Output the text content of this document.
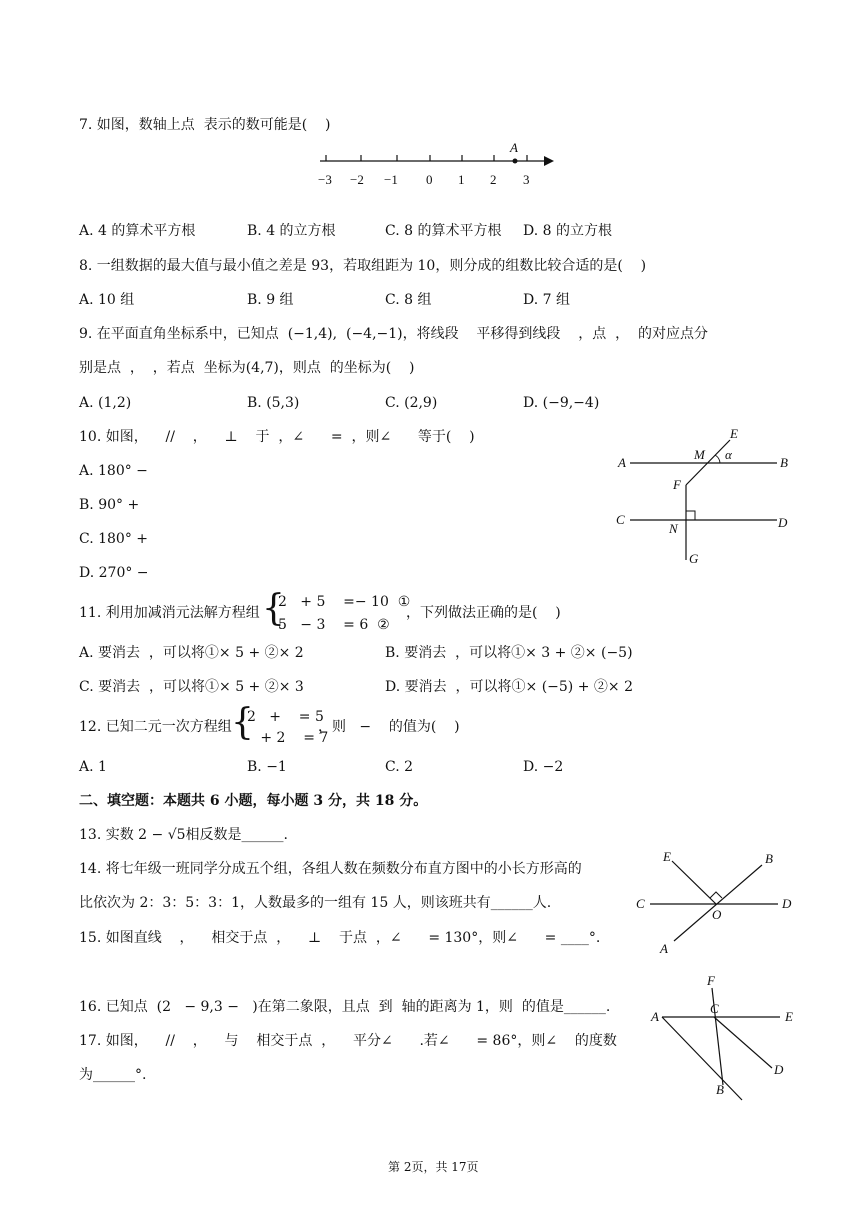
7. 如图，数轴上点  表示的数可能是(    )
A
−3 −2 −1 0 1 2 3
A. 4 的算术平方根	B. 4 的立方根	C. 8 的算术平方根 D. 8 的立方根
8. 一组数据的最大值与最小值之差是 93，若取组距为 10，则分成的组数比较合适的是(    )
A. 10 组	B. 9 组	C. 8 组	D. 7 组
9. 在平面直角坐标系中，已知点  (−1,4),  (−4,−1)，将线段    平移得到线段    ，点  ，  的对应点分
别是点  ，  ，若点  坐标为(4,7)，则点  的坐标为(    )
A. (1,2)	B. (5,3)	C. (2,9)	D. (−9,−4)
10. 如图，    //    ，    ⊥    于  ，∠      =  ，则∠      等于(    )
A. 180° −
B. 90° +
C. 180° +
D. 270° −
A	B
C	D
E
F
G
M
N
α
11. 利用加减消元法解方程组 {
2   + 5    =− 10  ①
5   − 3    = 6  ②
，下列做法正确的是(    )
A. 要消去  ，可以将①× 5 + ②× 2	B. 要消去  ，可以将①× 3 + ②× (−5)
C. 要消去  ，可以将①× 5 + ②× 3	D. 要消去  ，可以将①× (−5) + ②× 2
12. 已知二元一次方程组 {
2   +    = 5
+ 2    = 7
，则   −    的值为(    )
A. 1	B. −1	C. 2	D. −2
二、填空题：本题共 6 小题，每小题 3 分，共 18 分。
13. 实数 2 − √5相反数是______.
14. 将七年级一班同学分成五个组，各组人数在频数分布直方图中的小长方形高的
比依次为 2：3：5：3：1，人数最多的一组有 15 人，则该班共有______人.
15. 如图直线    ，    相交于点  ，    ⊥    于点  ，∠      = 130°，则∠      = ____°.
C	D
E	B
A
O
16. 已知点  (2   − 9,3 −   )在第二象限，且点  到  轴的距离为 1，则  的值是______.
17. 如图，    //    ，    与    相交于点  ，    平分∠      .若∠      = 86°，则∠    的度数
为______°.
A	E
F
C
D
B
第 2页，共 17页
